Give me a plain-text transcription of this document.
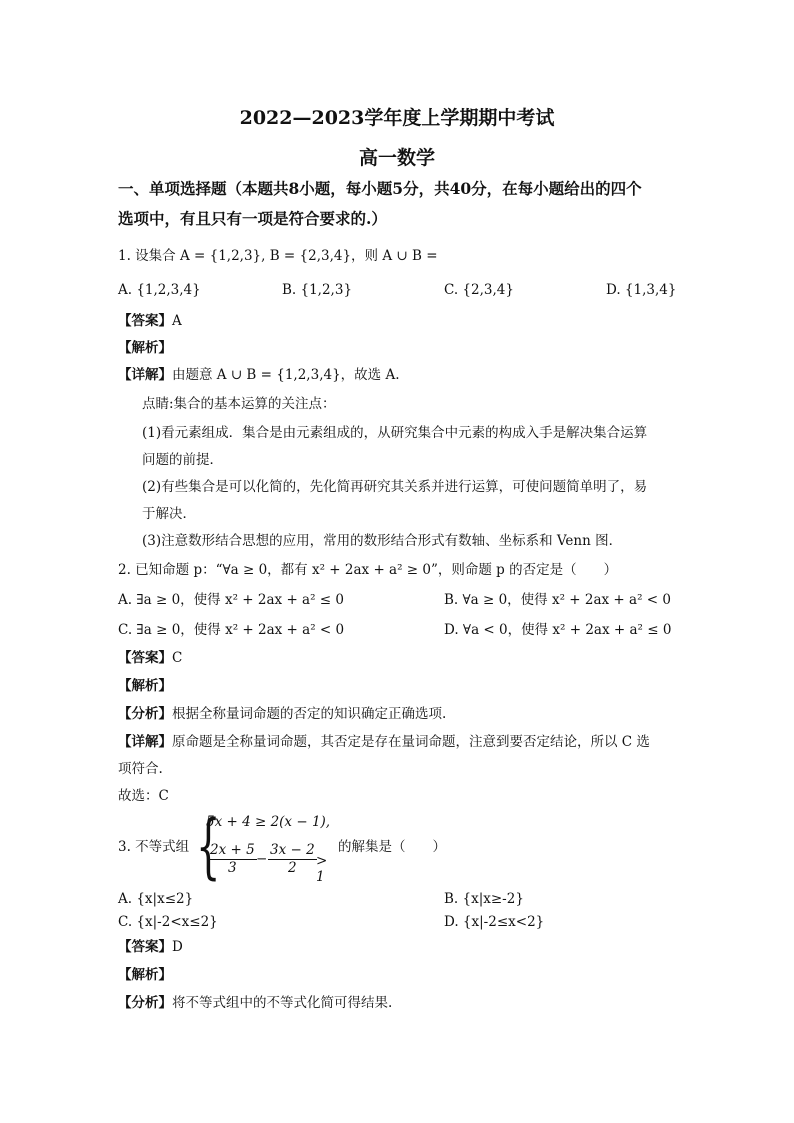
2022—2023学年度上学期期中考试
高一数学
一、单项选择题（本题共8小题，每小题5分，共40分，在每小题给出的四个
选项中，有且只有一项是符合要求的.）
1. 设集合 A = {1,2,3}, B = {2,3,4}，则 A ∪ B =
A. {1,2,3,4}	B. {1,2,3}	C. {2,3,4}	D. {1,3,4}
【答案】A
【解析】
【详解】由题意 A ∪ B = {1,2,3,4}，故选 A.
点睛:集合的基本运算的关注点：
(1)看元素组成．集合是由元素组成的，从研究集合中元素的构成入手是解决集合运算
问题的前提．
(2)有些集合是可以化简的，先化简再研究其关系并进行运算，可使问题简单明了，易
于解决．
(3)注意数形结合思想的应用，常用的数形结合形式有数轴、坐标系和 Venn 图．
2. 已知命题 p：“∀a ≥ 0，都有 x² + 2ax + a² ≥ 0”，则命题 p 的否定是（　　）
A. ∃a ≥ 0，使得 x² + 2ax + a² ≤ 0	B. ∀a ≥ 0，使得 x² + 2ax + a² < 0
C. ∃a ≥ 0，使得 x² + 2ax + a² < 0	D. ∀a < 0，使得 x² + 2ax + a² ≤ 0
【答案】C
【解析】
【分析】根据全称量词命题的否定的知识确定正确选项.
【详解】原命题是全称量词命题，其否定是存在量词命题，注意到要否定结论，所以 C 选
项符合.
故选：C
3. 不等式组 {
5x + 4 ≥ 2(x − 1),
$\frac{2x + 5}{3} - \frac{3x - 2}{2} > 1$
的解集是（　　）
A. {x|x≤2}	B. {x|x≥-2}
C. {x|-2<x≤2}	D. {x|-2≤x<2}
【答案】D
【解析】
【分析】将不等式组中的不等式化简可得结果.
